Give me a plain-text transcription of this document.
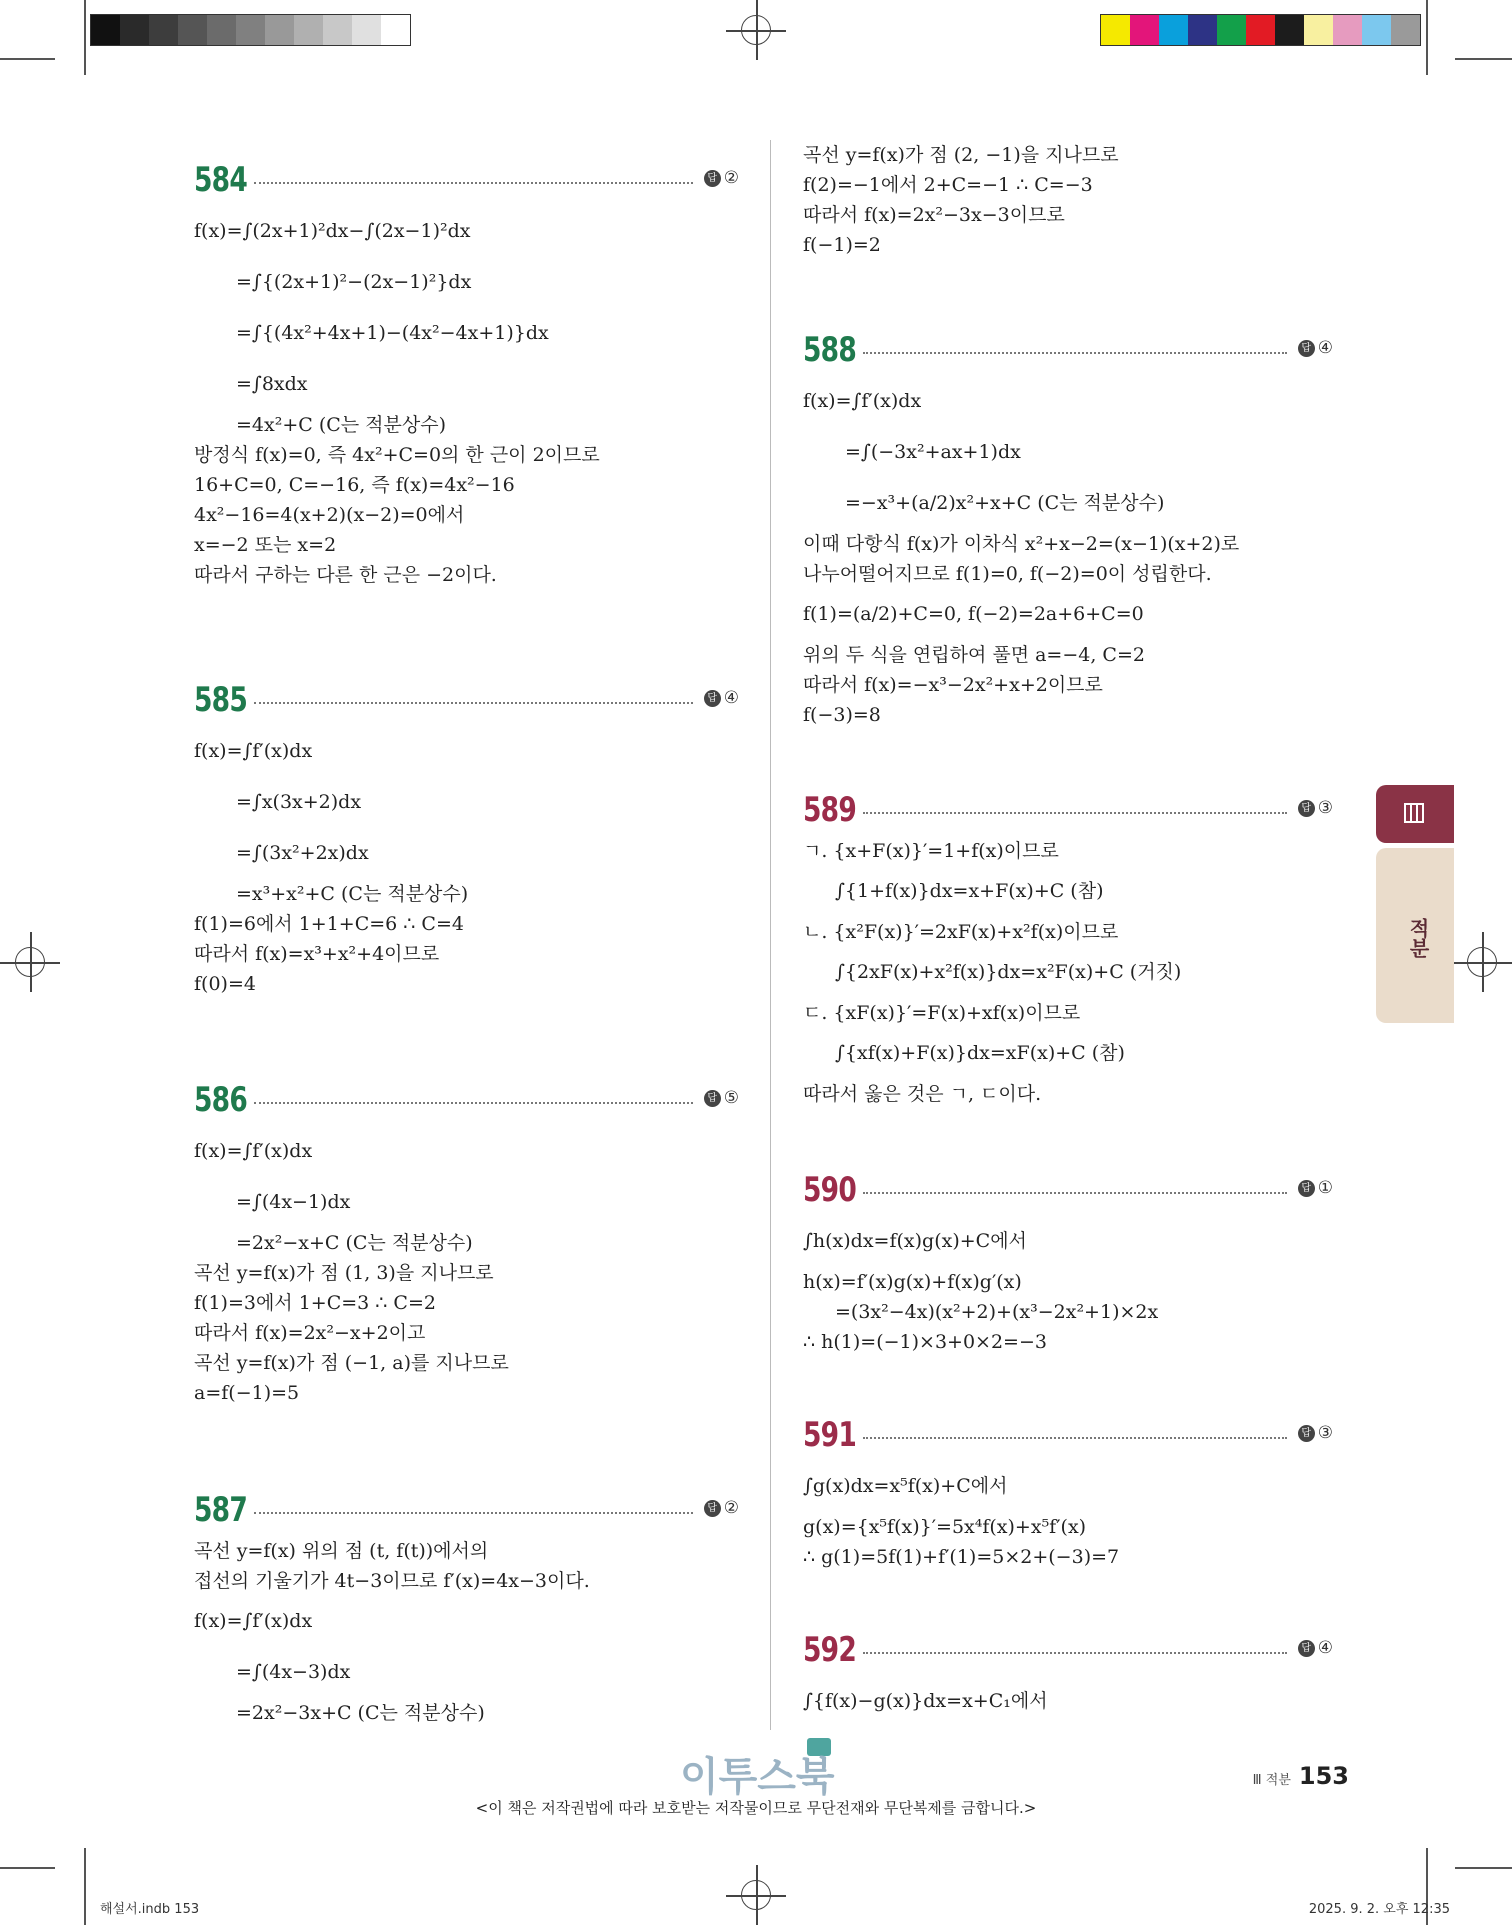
584	답 ②
f(x)=∫(2x+1)²dx−∫(2x−1)²dx
=∫{(2x+1)²−(2x−1)²}dx
=∫{(4x²+4x+1)−(4x²−4x+1)}dx
=∫8xdx
=4x²+C (C는 적분상수)
방정식 f(x)=0, 즉 4x²+C=0의 한 근이 2이므로
16+C=0, C=−16, 즉 f(x)=4x²−16
4x²−16=4(x+2)(x−2)=0에서
x=−2 또는 x=2
따라서 구하는 다른 한 근은 −2이다.
585	답 ④
f(x)=∫f′(x)dx
=∫x(3x+2)dx
=∫(3x²+2x)dx
=x³+x²+C (C는 적분상수)
f(1)=6에서 1+1+C=6 ∴ C=4
따라서 f(x)=x³+x²+4이므로
f(0)=4
586	답 ⑤
f(x)=∫f′(x)dx
=∫(4x−1)dx
=2x²−x+C (C는 적분상수)
곡선 y=f(x)가 점 (1, 3)을 지나므로
f(1)=3에서 1+C=3 ∴ C=2
따라서 f(x)=2x²−x+2이고
곡선 y=f(x)가 점 (−1, a)를 지나므로
a=f(−1)=5
587	답 ②
곡선 y=f(x) 위의 점 (t, f(t))에서의
접선의 기울기가 4t−3이므로 f′(x)=4x−3이다.
f(x)=∫f′(x)dx
=∫(4x−3)dx
=2x²−3x+C (C는 적분상수)
곡선 y=f(x)가 점 (2, −1)을 지나므로
f(2)=−1에서 2+C=−1 ∴ C=−3
따라서 f(x)=2x²−3x−3이므로
f(−1)=2
588	답 ④
f(x)=∫f′(x)dx
=∫(−3x²+ax+1)dx
=−x³+(a/2)x²+x+C (C는 적분상수)
이때 다항식 f(x)가 이차식 x²+x−2=(x−1)(x+2)로
나누어떨어지므로 f(1)=0, f(−2)=0이 성립한다.
f(1)=(a/2)+C=0, f(−2)=2a+6+C=0
위의 두 식을 연립하여 풀면 a=−4, C=2
따라서 f(x)=−x³−2x²+x+2이므로
f(−3)=8
589	답 ③
ㄱ. {x+F(x)}′=1+f(x)이므로
∫{1+f(x)}dx=x+F(x)+C (참)
ㄴ. {x²F(x)}′=2xF(x)+x²f(x)이므로
∫{2xF(x)+x²f(x)}dx=x²F(x)+C (거짓)
ㄷ. {xF(x)}′=F(x)+xf(x)이므로
∫{xf(x)+F(x)}dx=xF(x)+C (참)
따라서 옳은 것은 ㄱ, ㄷ이다.
590	답 ①
∫h(x)dx=f(x)g(x)+C에서
h(x)=f′(x)g(x)+f(x)g′(x)
=(3x²−4x)(x²+2)+(x³−2x²+1)×2x
∴ h(1)=(−1)×3+0×2=−3
591	답 ③
∫g(x)dx=x⁵f(x)+C에서
g(x)={x⁵f(x)}′=5x⁴f(x)+x⁵f′(x)
∴ g(1)=5f(1)+f′(1)=5×2+(−3)=7
592	답 ④
∫{f(x)−g(x)}dx=x+C₁에서
적분
이투스북
<이 책은 저작권법에 따라 보호받는 저작물이므로 무단전재와 무단복제를 금합니다.>
Ⅲ 적분 153
해설서.indb 153	2025. 9. 2. 오후 12:35
